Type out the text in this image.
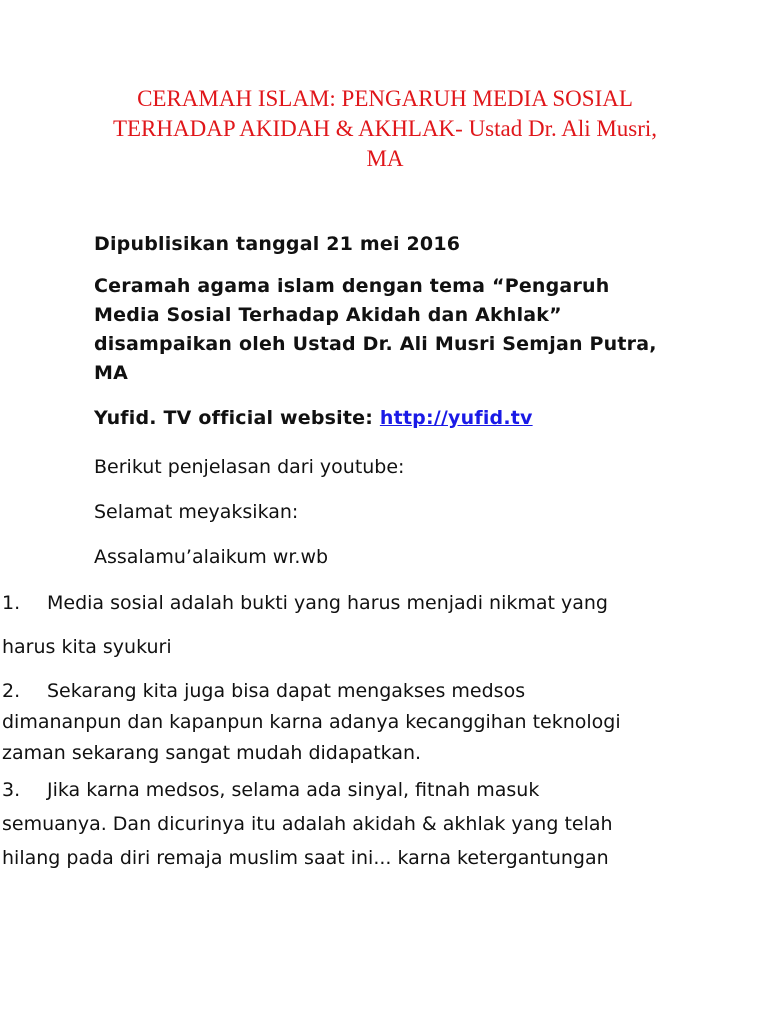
CERAMAH ISLAM: PENGARUH MEDIA SOSIAL
TERHADAP AKIDAH & AKHLAK- Ustad Dr. Ali Musri,
MA
Dipublisikan tanggal 21 mei 2016
Ceramah agama islam dengan tema “Pengaruh
Media Sosial Terhadap Akidah dan Akhlak”
disampaikan oleh Ustad Dr. Ali Musri Semjan Putra,
MA
Yufid. TV official website: http://yufid.tv
Berikut penjelasan dari youtube:
Selamat meyaksikan:
Assalamu’alaikum wr.wb
1. Media sosial adalah bukti yang harus menjadi nikmat yang
harus kita syukuri
2. Sekarang kita juga bisa dapat mengakses medsos
dimananpun dan kapanpun karna adanya kecanggihan teknologi
zaman sekarang sangat mudah didapatkan.
3. Jika karna medsos, selama ada sinyal, fitnah masuk
semuanya. Dan dicurinya itu adalah akidah & akhlak yang telah
hilang pada diri remaja muslim saat ini... karna ketergantungan
